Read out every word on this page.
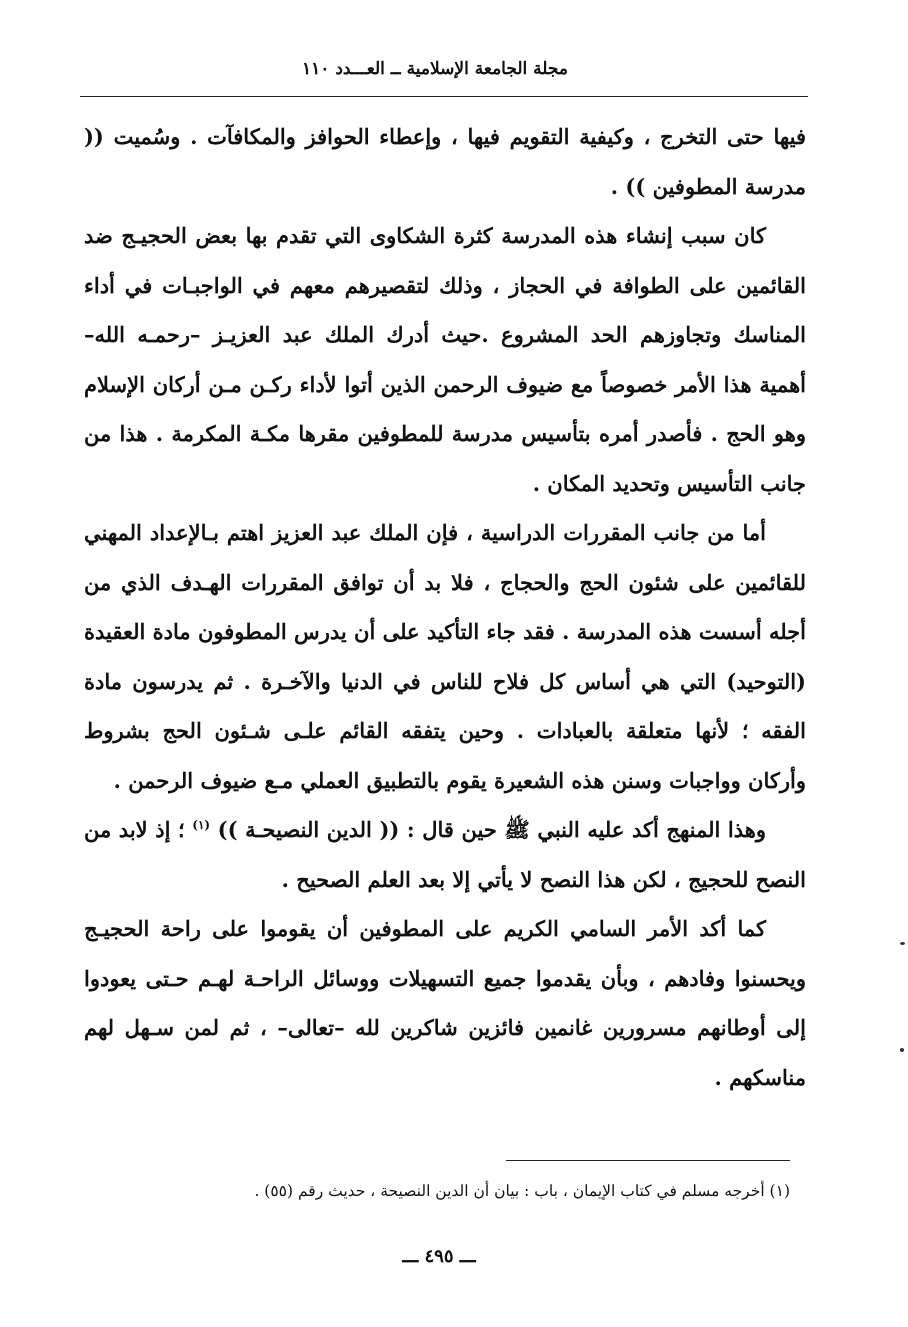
مجلة الجامعة الإسلامية ــ العـــدد ١١٠

فيها حتى التخرج ، وكيفية التقويم فيها ، وإعطاء الحوافز والمكافآت . وسُميت (( مدرسة المطوفين )) .

كان سبب إنشاء هذه المدرسة كثرة الشكاوى التي تقدم بها بعض الحجيـج ضد القائمين على الطوافة في الحجاز ، وذلك لتقصيرهم معهم في الواجبـات في أداء المناسك وتجاوزهم الحد المشروع .حيث أدرك الملك عبد العزيـز –رحمـه الله– أهمية هذا الأمر خصوصاً مع ضيوف الرحمن الذين أتوا لأداء ركـن مـن أركان الإسلام وهو الحج . فأصدر أمره بتأسيس مدرسة للمطوفين مقرها مكـة المكرمة . هذا من جانب التأسيس وتحديد المكان .

أما من جانب المقررات الدراسية ، فإن الملك عبد العزيز اهتم بـالإعداد المهني للقائمين على شئون الحج والحجاج ، فلا بد أن توافق المقررات الهـدف الذي من أجله أسست هذه المدرسة . فقد جاء التأكيد على أن يدرس المطوفون مادة العقيدة (التوحيد) التي هي أساس كل فلاح للناس في الدنيا والآخـرة . ثم يدرسون مادة الفقه ؛ لأنها متعلقة بالعبادات . وحين يتفقه القائم علـى شـئون الحج بشروط وأركان وواجبات وسنن هذه الشعيرة يقوم بالتطبيق العملي مـع ضيوف الرحمن .

وهذا المنهج أكد عليه النبي ﷺ حين قال : (( الدين النصيحـة )) $^{(١)}$ ؛ إذ لابد من النصح للحجيج ، لكن هذا النصح لا يأتي إلا بعد العلم الصحيح .

كما أكد الأمر السامي الكريم على المطوفين أن يقوموا على راحة الحجيـج ويحسنوا وفادهم ، وبأن يقدموا جميع التسهيلات ووسائل الراحـة لهـم حـتى يعودوا إلى أوطانهم مسرورين غانمين فائزين شاكرين لله –تعالى– ، ثم لمن سـهل لهم مناسكهم .

(١) أخرجه مسلم في كتاب الإيمان ، باب : بيان أن الدين النصيحة ، حديث رقم (٥٥) .
ـــ ٤٩٥ ـــ
